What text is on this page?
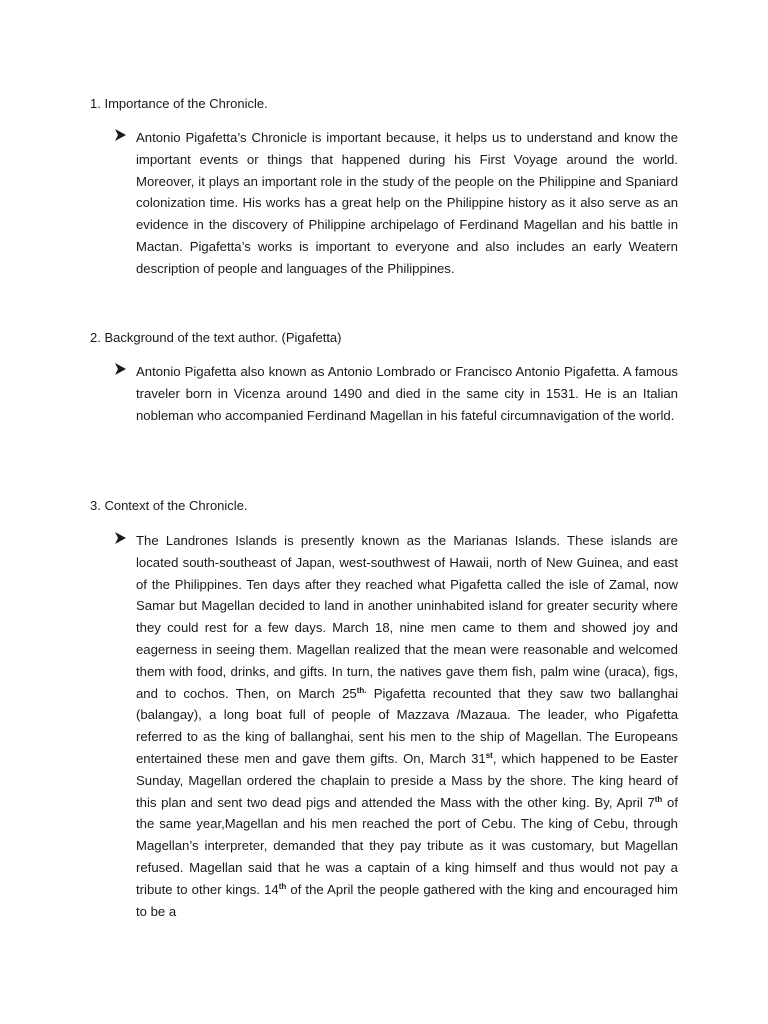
1. Importance of the Chronicle.

Antonio Pigafetta’s Chronicle is important because, it helps us to understand and know the important events or things that happened during his First Voyage around the world. Moreover, it plays an important role in the study of the people on the Philippine and Spaniard colonization time. His works has a great help on the Philippine history as it also serve as an evidence in the discovery of Philippine archipelago of Ferdinand Magellan and his battle in Mactan. Pigafetta’s works is important to everyone and also includes an early Weatern description of people and languages of the Philippines.

2. Background of the text author. (Pigafetta)

Antonio Pigafetta also known as Antonio Lombrado or Francisco Antonio Pigafetta. A famous traveler born in Vicenza around 1490 and died in the same city in 1531. He is an Italian nobleman who accompanied Ferdinand Magellan in his fateful circumnavigation of the world.

3. Context of the Chronicle.

The Landrones Islands is presently known as the Marianas Islands. These islands are located south-southeast of Japan, west-southwest of Hawaii, north of New Guinea, and east of the Philippines. Ten days after they reached what Pigafetta called the isle of Zamal, now Samar but Magellan decided to land in another uninhabited island for greater security where they could rest for a few days. March 18, nine men came to them and showed joy and eagerness in seeing them. Magellan realized that the mean were reasonable and welcomed them with food, drinks, and gifts. In turn, the natives gave them fish, palm wine (uraca), figs, and to cochos. Then, on March $25^{th.}$ Pigafetta recounted that they saw two ballanghai (balangay), a long boat full of people of Mazzava /Mazaua. The leader, who Pigafetta referred to as the king of ballanghai, sent his men to the ship of Magellan. The Europeans entertained these men and gave them gifts. On, March 31st, which happened to be Easter Sunday, Magellan ordered the chaplain to preside a Mass by the shore. The king heard of this plan and sent two dead pigs and attended the Mass with the other king. By, April 7th of the same year,Magellan and his men reached the port of Cebu. The king of Cebu, through Magellan’s interpreter, demanded that they pay tribute as it was customary, but Magellan refused. Magellan said that he was a captain of a king himself and thus would not pay a tribute to other kings. 14th of the April the people gathered with the king and encouraged him to be a
